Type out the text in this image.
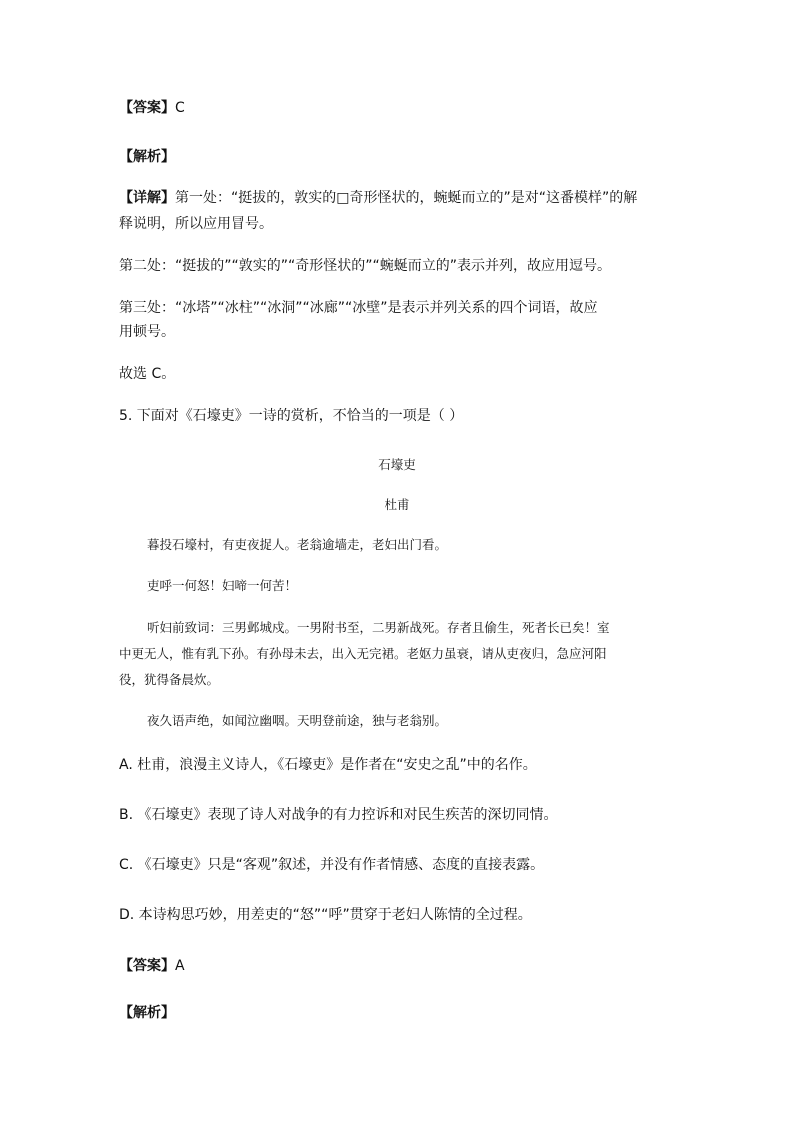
【答案】C
【解析】
【详解】第一处：“挺拔的，敦实的□奇形怪状的，蜿蜒而立的”是对“这番模样”的解
释说明，所以应用冒号。
第二处：“挺拔的”“敦实的”“奇形怪状的”“蜿蜒而立的”表示并列，故应用逗号。
第三处：“冰塔”“冰柱”“冰洞”“冰廊”“冰壁”是表示并列关系的四个词语，故应
用顿号。
故选 C。
5. 下面对《石壕吏》一诗的赏析，不恰当的一项是（ ）
石壕吏
杜甫
暮投石壕村，有吏夜捉人。老翁逾墙走，老妇出门看。
吏呼一何怒！妇啼一何苦！
听妇前致词：三男邺城戍。一男附书至，二男新战死。存者且偷生，死者长已矣！室
中更无人，惟有乳下孙。有孙母未去，出入无完裙。老妪力虽衰，请从吏夜归，急应河阳
役，犹得备晨炊。
夜久语声绝，如闻泣幽咽。天明登前途，独与老翁别。
A. 杜甫，浪漫主义诗人，《石壕吏》是作者在“安史之乱”中的名作。
B. 《石壕吏》表现了诗人对战争的有力控诉和对民生疾苦的深切同情。
C. 《石壕吏》只是“客观”叙述，并没有作者情感、态度的直接表露。
D. 本诗构思巧妙，用差吏的“怒”“呼”贯穿于老妇人陈情的全过程。
【答案】A
【解析】
